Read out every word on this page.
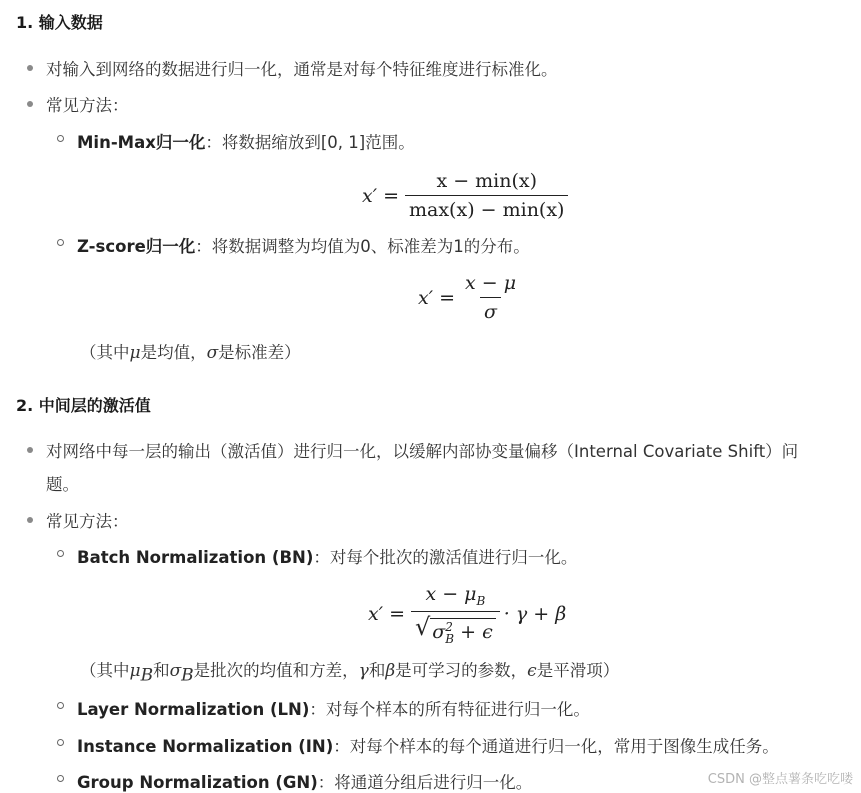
1. 输入数据
对输入到网络的数据进行归一化，通常是对每个特征维度进行标准化。
常见方法：
Min-Max归一化：将数据缩放到[0, 1]范围。
$x' = \frac{x - \min(x)}{\max(x) - \min(x)}$
Z-score归一化：将数据调整为均值为0、标准差为1的分布。
$x' = \frac{x - \mu}{\sigma}$
（其中μ是均值，σ是标准差）
2. 中间层的激活值
对网络中每一层的输出（激活值）进行归一化，以缓解内部协变量偏移（Internal Covariate Shift）问
题。
常见方法：
Batch Normalization (BN)：对每个批次的激活值进行归一化。
$x' = x - \mu_B$
√ σ 2
B + ϵ · γ + β
（其中$\mu_B$和$\sigma_B$是批次的均值和方差，γ和β是可学习的参数，ϵ是平滑项）
Layer Normalization (LN)：对每个样本的所有特征进行归一化。
Instance Normalization (IN)：对每个样本的每个通道进行归一化，常用于图像生成任务。
Group Normalization (GN)：将通道分组后进行归一化。	CSDN @整点薯条吃吃喽
